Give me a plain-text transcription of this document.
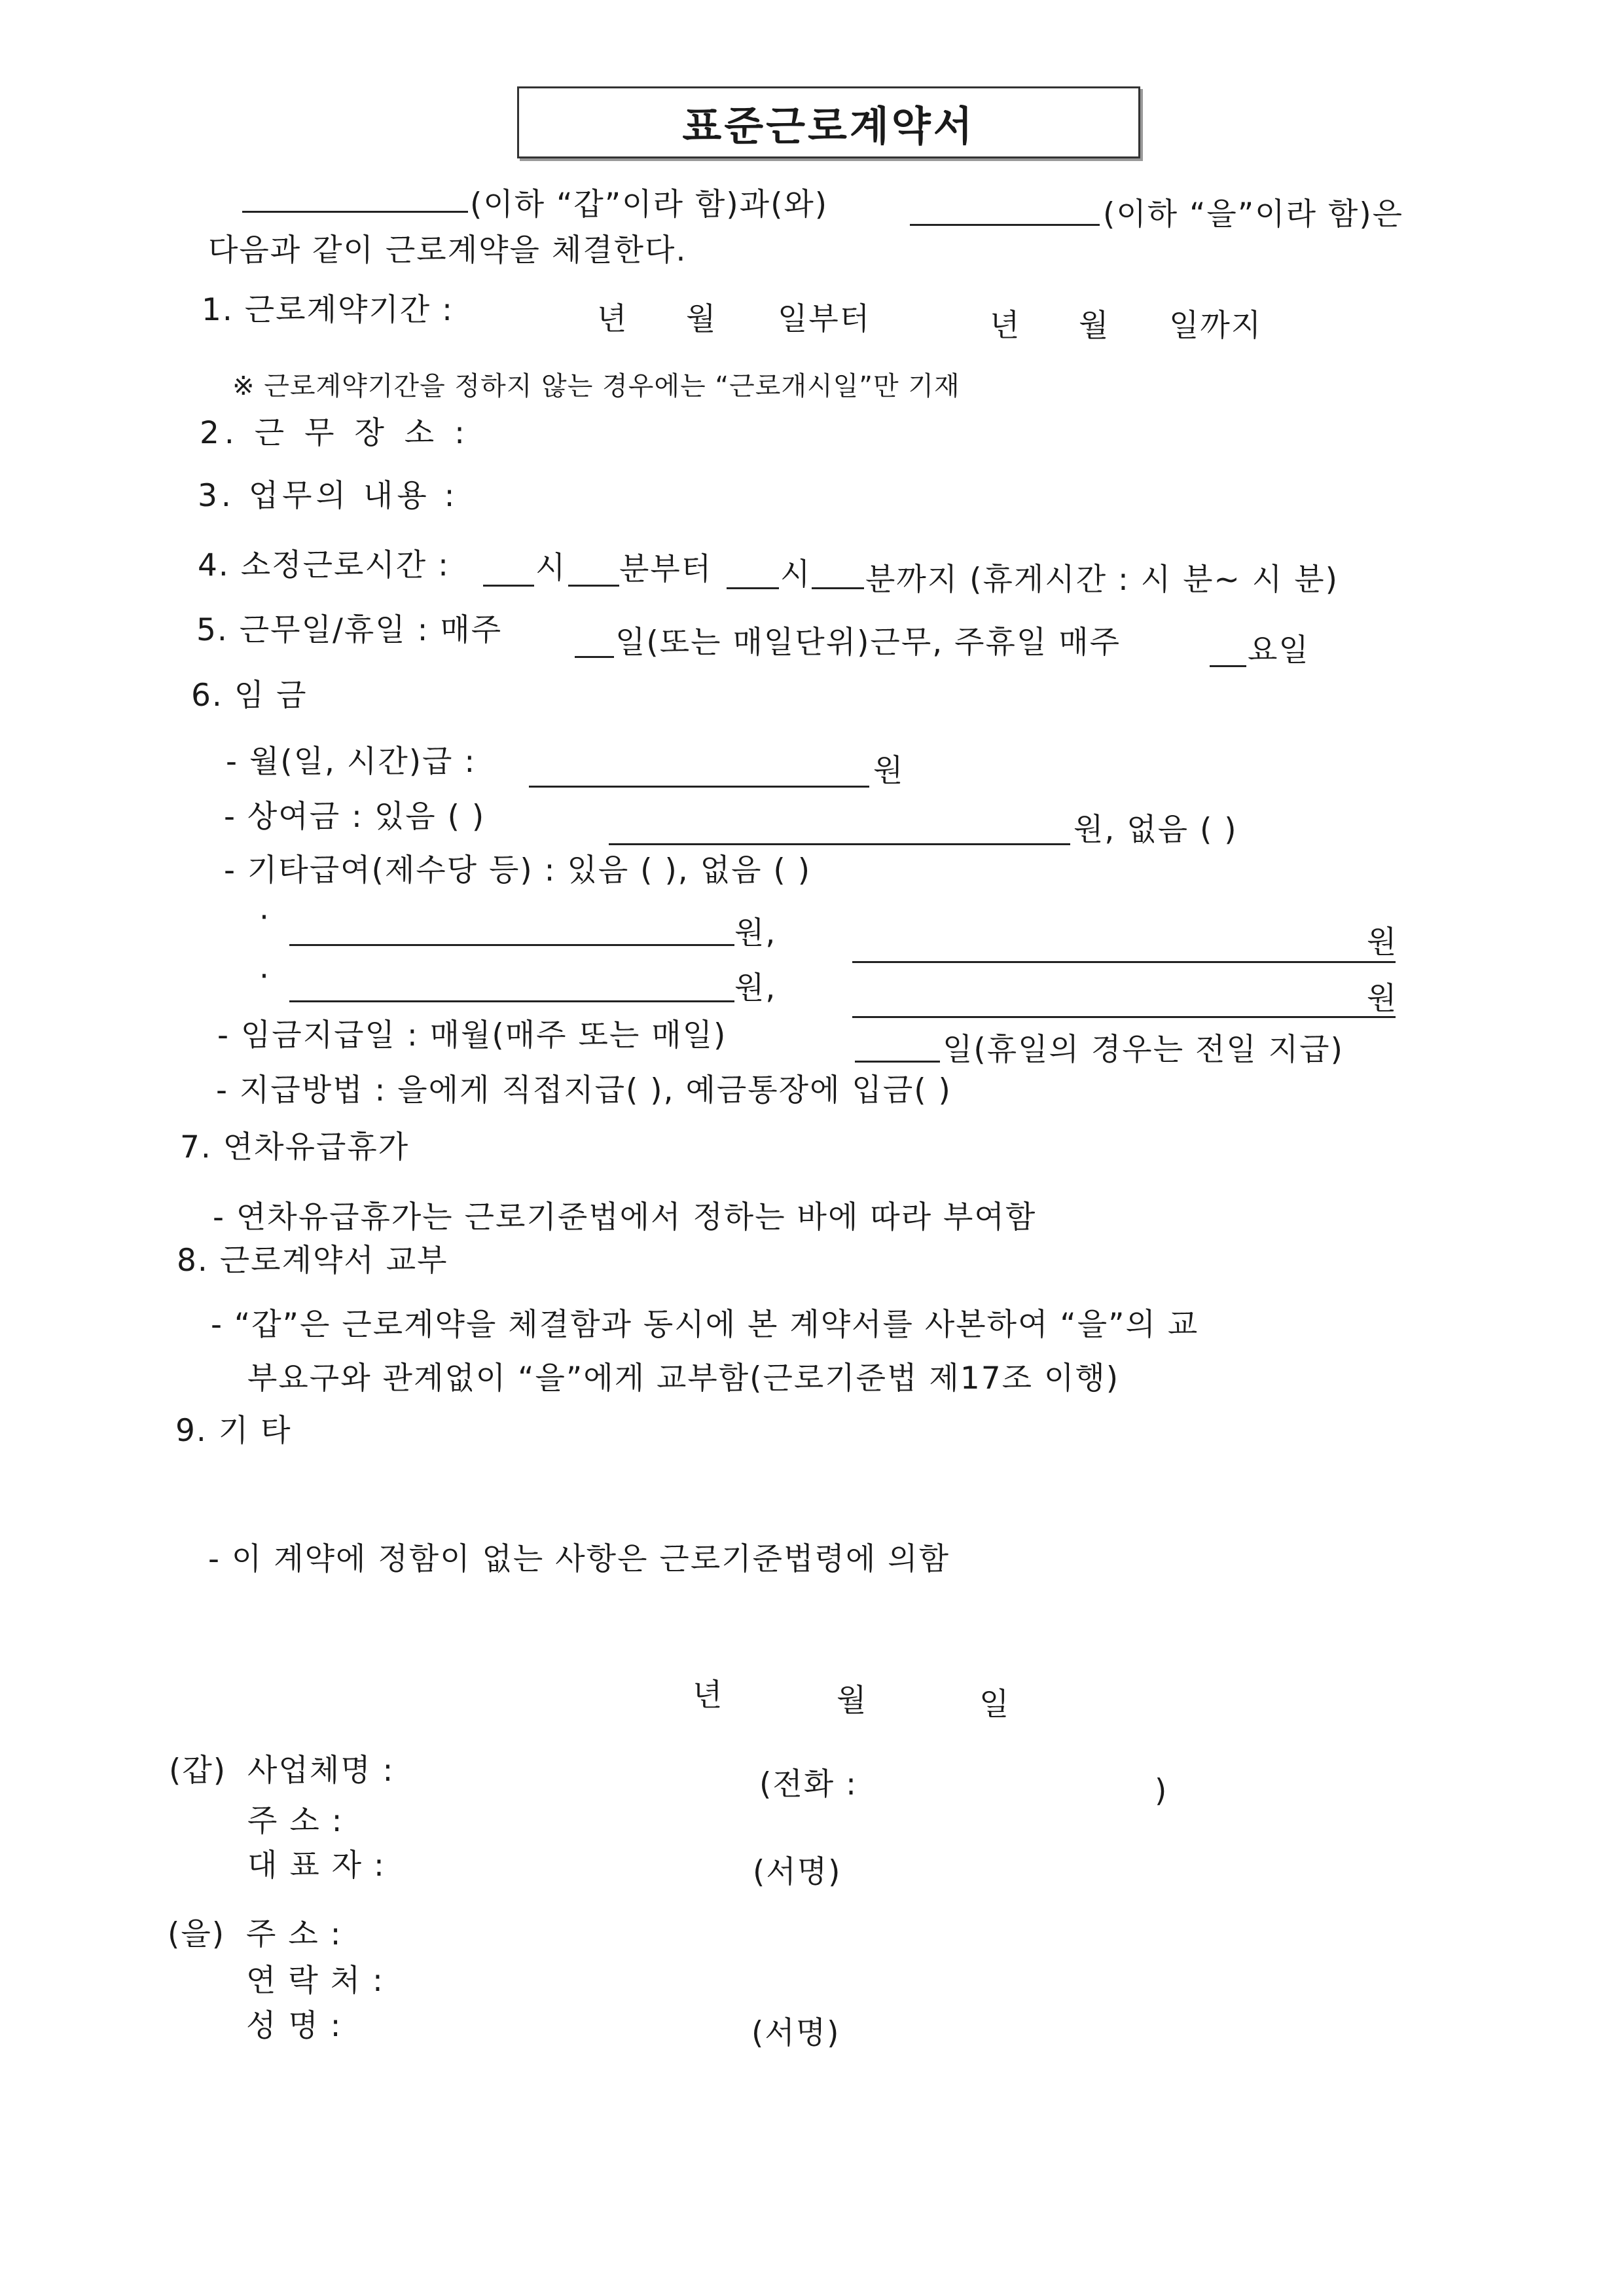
표준근로계약서
(이하 “갑”이라 함)과(와)	(이하 “을”이라 함)은
다음과 같이 근로계약을 체결한다.
1. 근로계약기간 :	년 월 일부터	년 월 일까지
※ 근로계약기간을 정하지 않는 경우에는 “근로개시일”만 기재
2. 근 무 장 소 :
3. 업무의 내용 :
4. 소정근로시간 :	시 분부터 시 분까지 (휴게시간 : 시 분~ 시 분)
5. 근무일/휴일 : 매주	일(또는 매일단위)근무, 주휴일 매주	요일
6. 임 금
- 월(일, 시간)급 :	원
- 상여금 : 있음 ( )	원, 없음 ( )
- 기타급여(제수당 등) : 있음 ( ), 없음 ( )
·	원,	원
·	원,	원
- 임금지급일 : 매월(매주 또는 매일)	일(휴일의 경우는 전일 지급)
- 지급방법 : 을에게 직접지급( ), 예금통장에 입금( )
7. 연차유급휴가
- 연차유급휴가는 근로기준법에서 정하는 바에 따라 부여함
8. 근로계약서 교부
- “갑”은 근로계약을 체결함과 동시에 본 계약서를 사본하여 “을”의 교
부요구와 관계없이 “을”에게 교부함(근로기준법 제17조 이행)
9. 기 타
- 이 계약에 정함이 없는 사항은 근로기준법령에 의함
년	월	일
(갑) 사업체명 :	(전화 :	)
주 소 :
대 표 자 :	(서명)
(을) 주 소 :
연 락 처 :
성 명 :	(서명)
